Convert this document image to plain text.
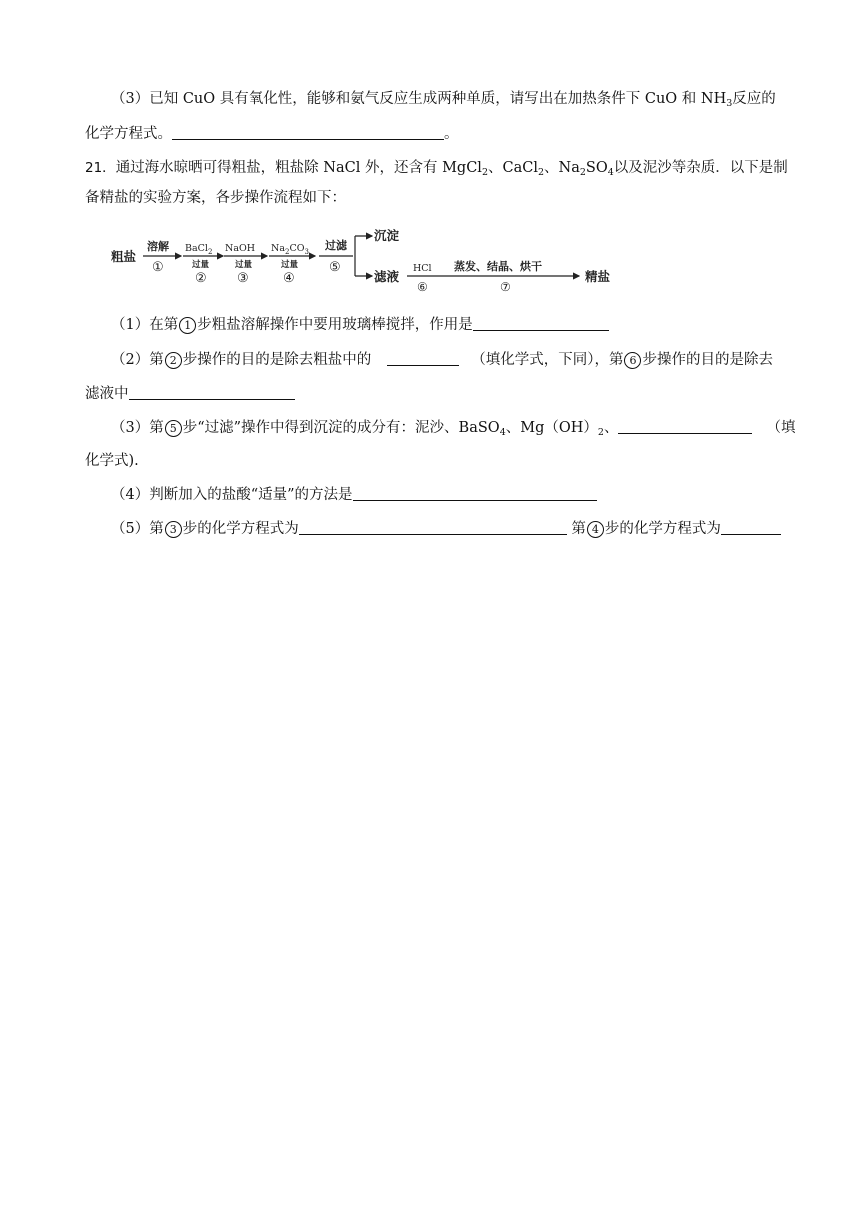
（3）已知 CuO 具有氧化性，能够和氨气反应生成两种单质，请写出在加热条件下 CuO 和 $NH_3$反应的
化学方程式。	。
21．通过海水晾晒可得粗盐，粗盐除 NaCl 外，还含有 MgCl$_2$、CaCl$_2$、$Na_2SO_4$以及泥沙等杂质．以下是制
备精盐的实验方案，各步操作流程如下：
粗盐
溶解
①
BaCl$_2$
过量
②
NaOH
过量
③
$Na_2CO_3$
过量
④
过滤
⑤
沉淀
滤液
HCl
⑥
蒸发、结晶、烘干
⑦
精盐
（1）在第 1 步粗盐溶解操作中要用玻璃棒搅拌，作用是
（2）第 2 步操作的目的是除去粗盐中的	（填化学式，下同），第 6 步操作的目的是除去
滤液中
（3）第 5 步“过滤”操作中得到沉淀的成分有：泥沙、BaSO$_4$、$Mg(OH)_2$、	（填
化学式).
（4）判断加入的盐酸“适量”的方法是
（5）第 3 步的化学方程式为	第 4 步的化学方程式为
